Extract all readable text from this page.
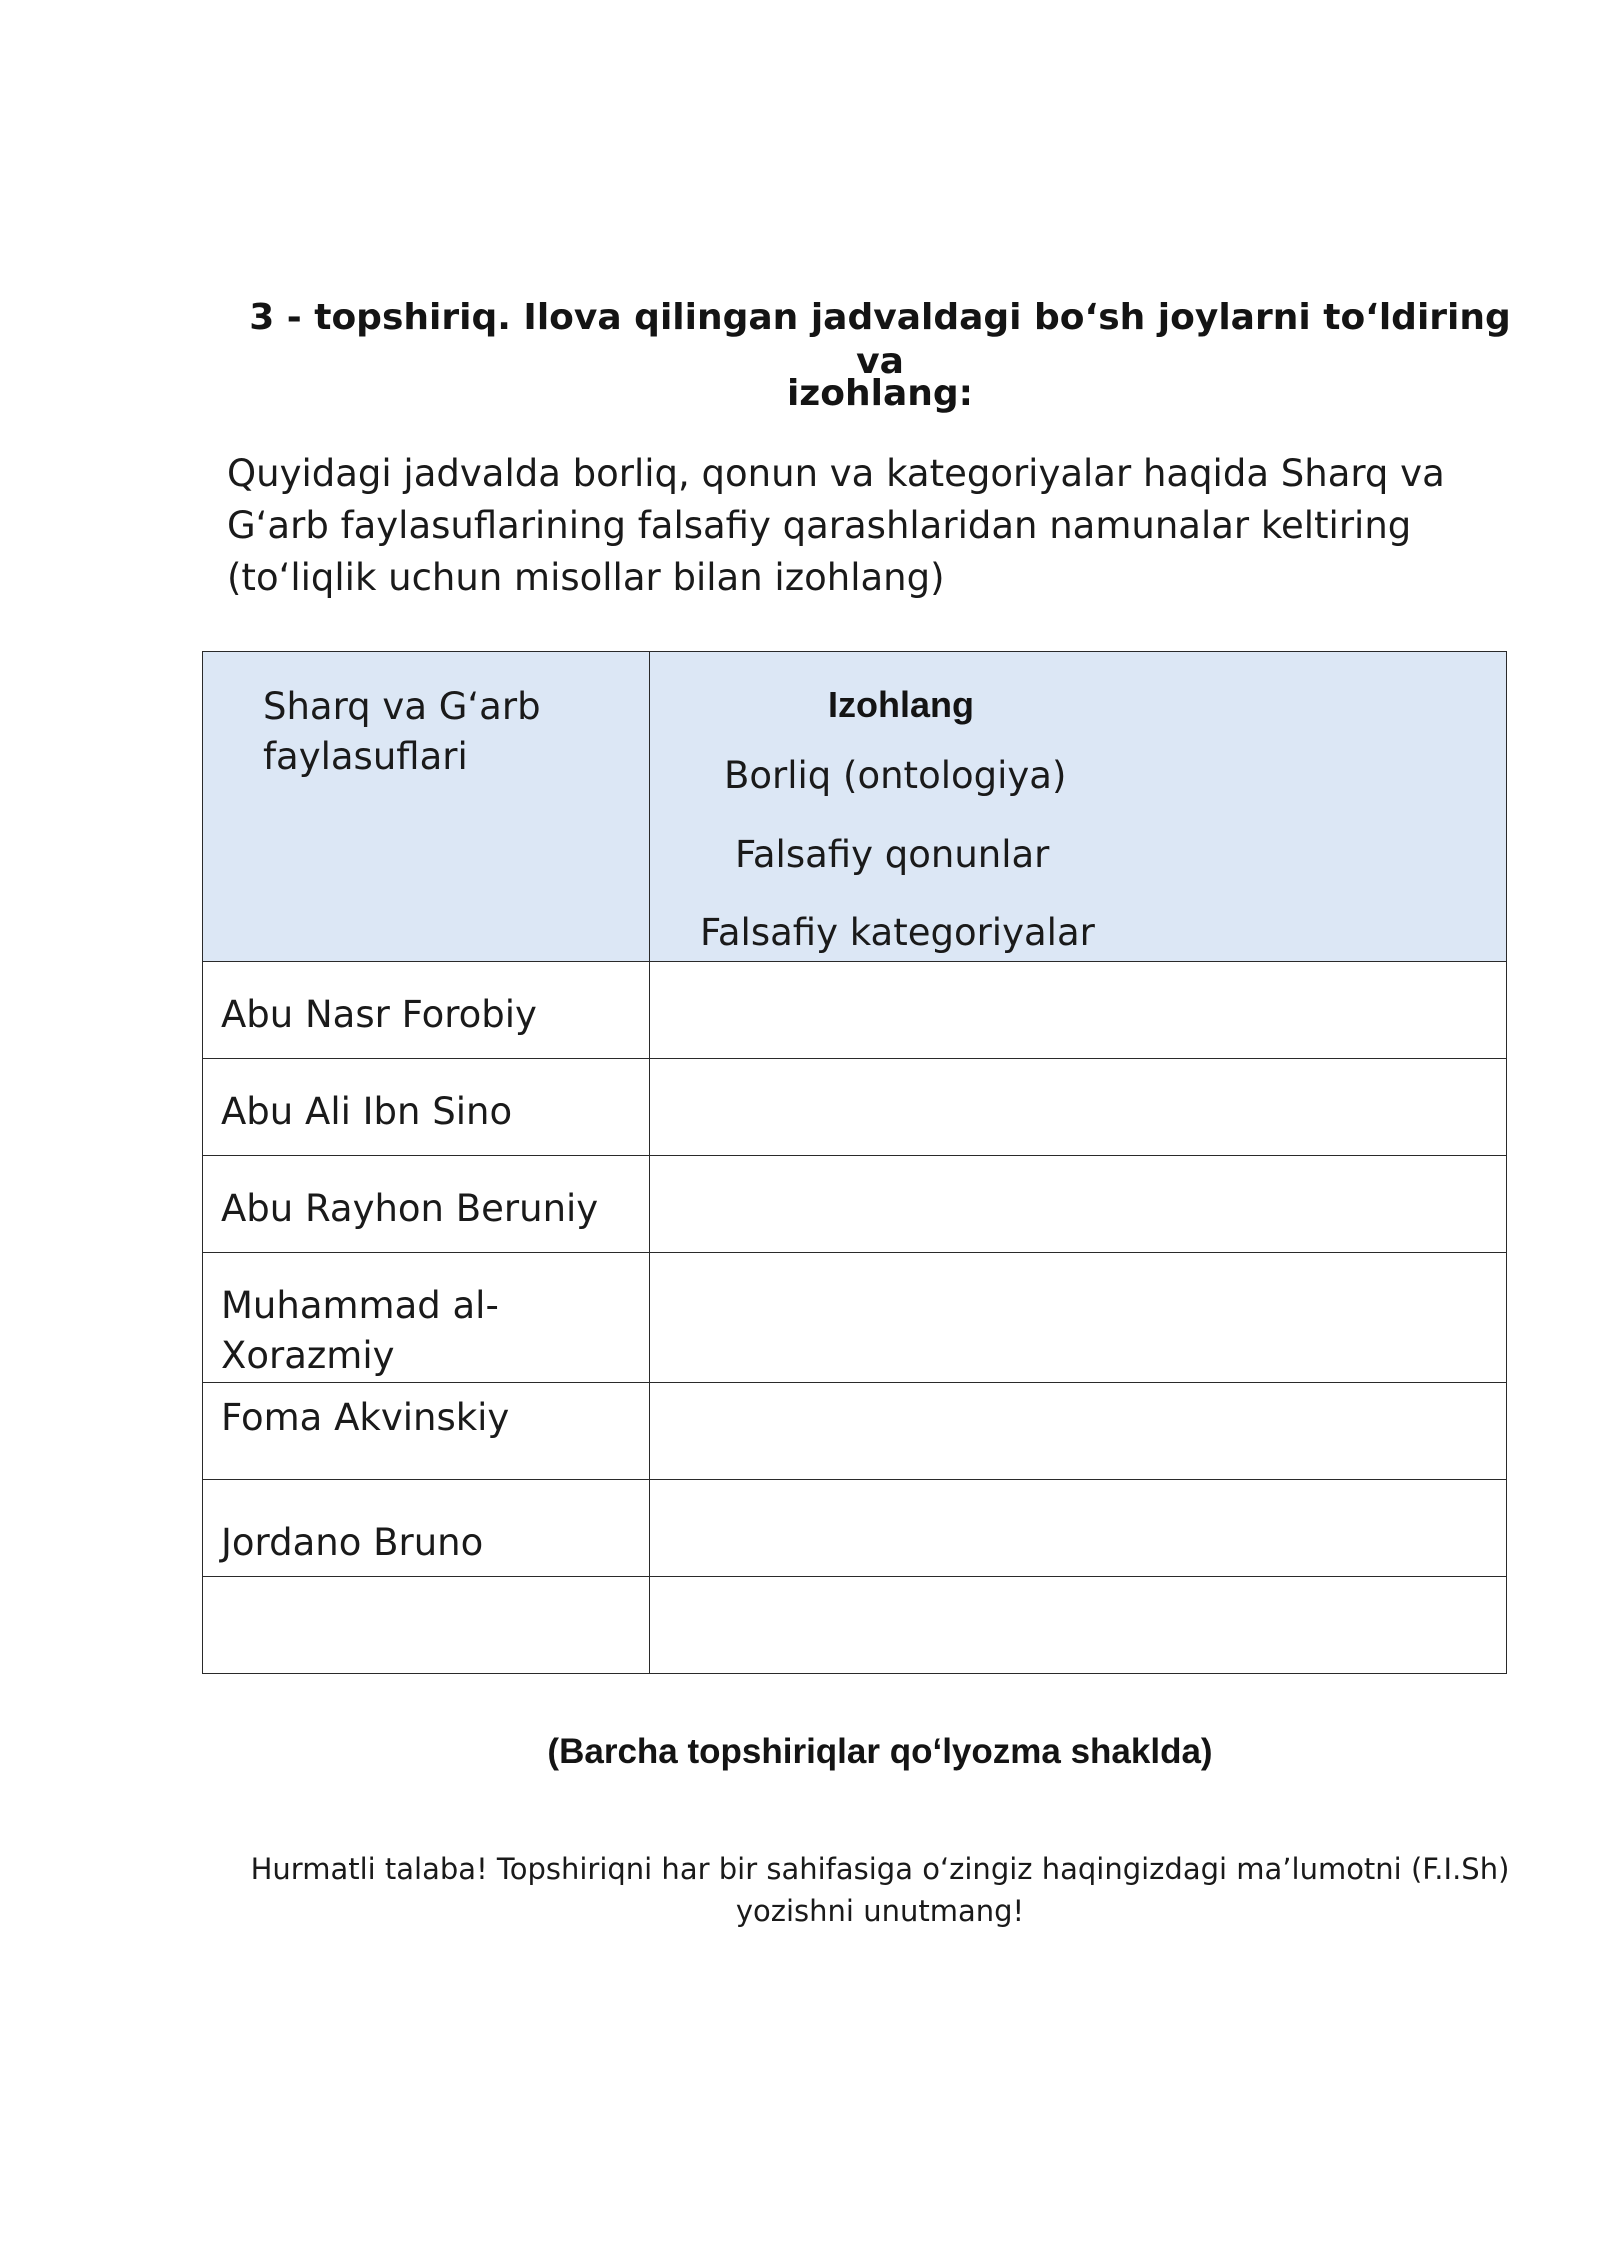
3 - topshiriq. Ilova qilingan jadvaldagi bo‘sh joylarni to‘ldiring va
izohlang:
Quyidagi jadvalda borliq, qonun va kategoriyalar haqida Sharq va
G‘arb faylasuflarining falsafiy qarashlaridan namunalar keltiring
(to‘liqlik uchun misollar bilan izohlang)
Sharq va G‘arb faylasuflari	Izohlang
Borliq (ontologiya)
Falsafiy qonunlar
Falsafiy kategoriyalar

Abu Nasr Forobiy	

Abu Ali Ibn Sino	

Abu Rayhon Beruniy	

Muhammad al-Xorazmiy	

Foma Akvinskiy	

Jordano Bruno	

(Barcha topshiriqlar qo‘lyozma shaklda)
Hurmatli talaba! Topshiriqni har bir sahifasiga o‘zingiz haqingizdagi ma’lumotni (F.I.Sh)
yozishni unutmang!
